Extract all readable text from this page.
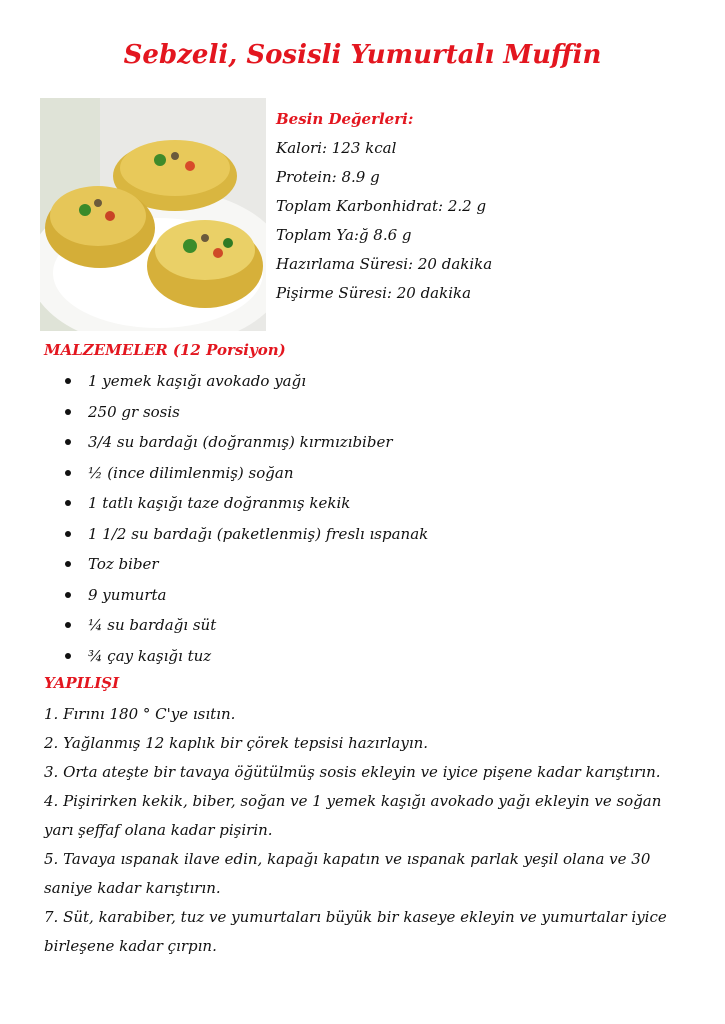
Sebzeli, Sosisli Yumurtalı Muffin
Besin Değerleri:
Kalori: 123 kcal
Protein: 8.9 g
Toplam Karbonhidrat: 2.2 g
Toplam Ya:ğ 8.6 g
Hazırlama Süresi: 20 dakika
Pişirme Süresi: 20 dakika
MALZEMELER (12 Porsiyon)
1 yemek kaşığı avokado yağı
250 gr sosis
3/4 su bardağı (doğranmış) kırmızıbiber
½ (ince dilimlenmiş) soğan
1 tatlı kaşığı taze doğranmış kekik
1 1/2 su bardağı (paketlenmiş) freslı ıspanak
Toz biber
9 yumurta
¼ su bardağı süt
¾ çay kaşığı tuz
YAPILIŞI
1. Fırını 180 ° C'ye ısıtın.
2. Yağlanmış 12 kaplık bir çörek tepsisi hazırlayın.
3. Orta ateşte bir tavaya öğütülmüş sosis ekleyin ve iyice pişene kadar karıştırın.
4. Pişirirken kekik, biber, soğan ve 1 yemek kaşığı avokado yağı ekleyin ve soğan yarı şeffaf olana kadar pişirin.
5. Tavaya ıspanak ilave edin, kapağı kapatın ve ıspanak parlak yeşil olana ve 30 saniye kadar karıştırın.
7. Süt, karabiber, tuz ve yumurtaları büyük bir kaseye ekleyin ve yumurtalar iyice birleşene kadar çırpın.
